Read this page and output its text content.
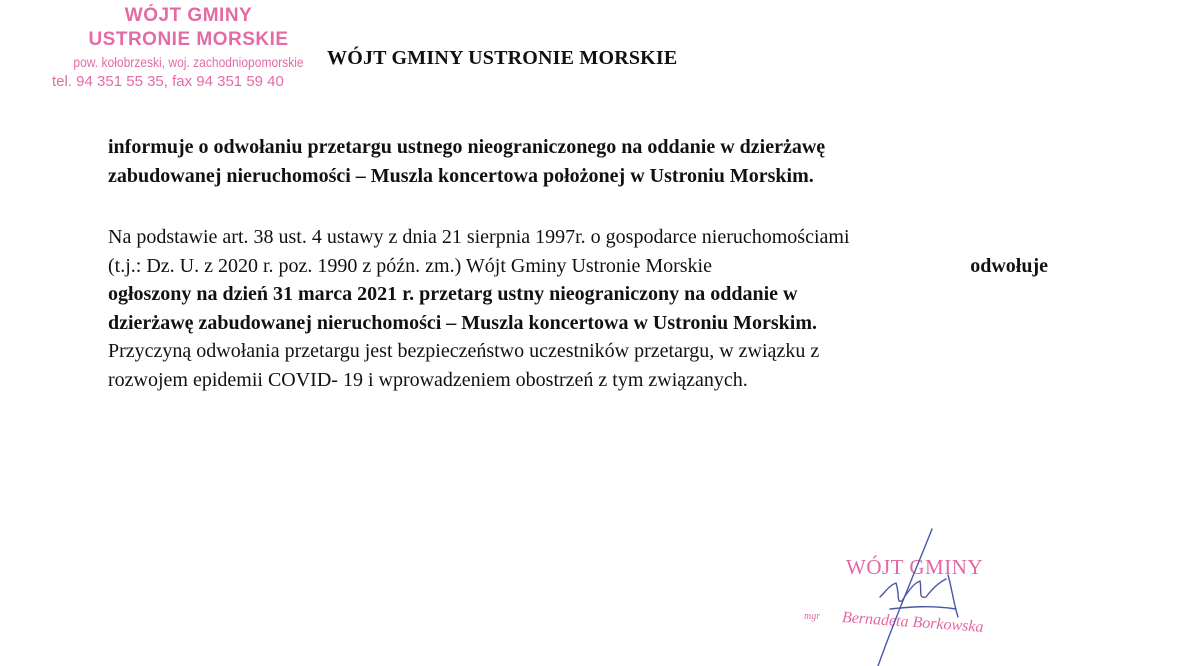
WÓJT GMINY
USTRONIE MORSKIE
pow. kołobrzeski, woj. zachodniopomorskie
tel. 94 351 55 35, fax 94 351 59 40
WÓJT GMINY USTRONIE MORSKIE
informuje o odwołaniu przetargu ustnego nieograniczonego na oddanie w dzierżawę
zabudowanej nieruchomości – Muszla koncertowa położonej w Ustroniu Morskim.
Na podstawie art. 38 ust. 4 ustawy z dnia 21 sierpnia 1997r. o gospodarce nieruchomościami
(t.j.: Dz. U. z 2020 r. poz. 1990 z późn. zm.) Wójt Gminy Ustronie Morskie	odwołuje
ogłoszony na dzień 31 marca 2021 r. przetarg ustny nieograniczony na oddanie w
dzierżawę zabudowanej nieruchomości – Muszla koncertowa w Ustroniu Morskim.
Przyczyną odwołania przetargu jest bezpieczeństwo uczestników przetargu, w związku z
rozwojem epidemii COVID- 19 i wprowadzeniem obostrzeń z tym związanych.
WÓJT GMINY
mgr Bernadeta Borkowska
